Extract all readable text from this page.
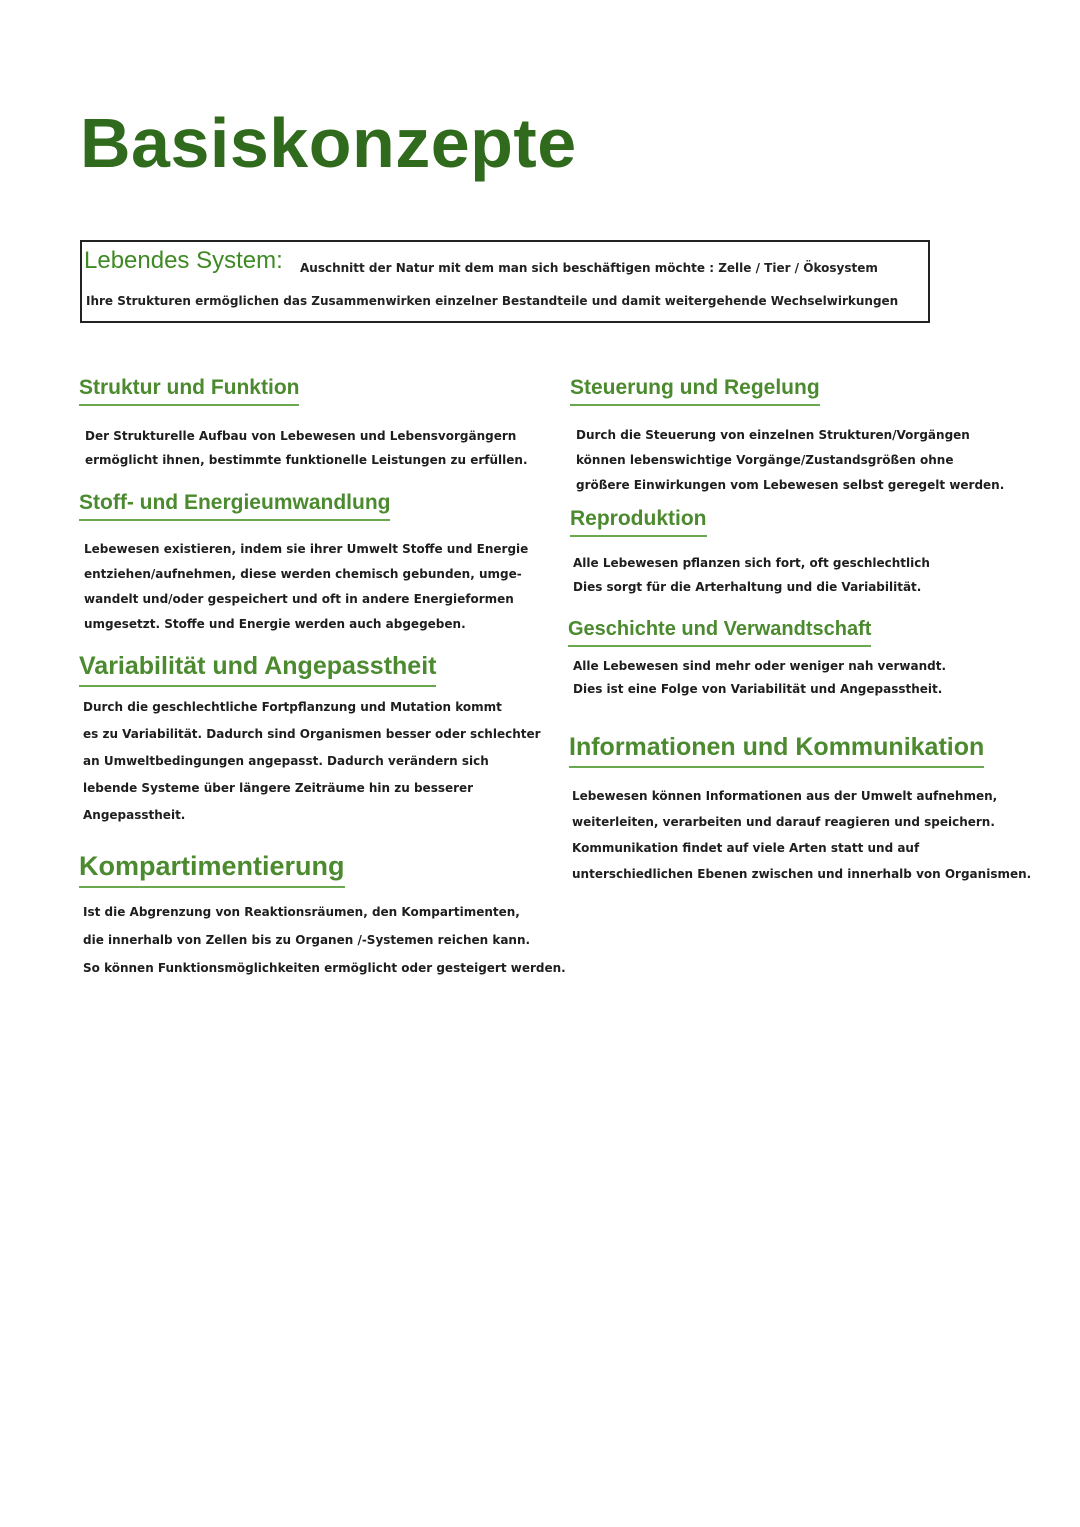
Basiskonzepte
Lebendes System: Auschnitt der Natur mit dem man sich beschäftigen möchte : Zelle / Tier / Ökosystem
Ihre Strukturen ermöglichen das Zusammenwirken einzelner Bestandteile und damit weitergehende Wechselwirkungen
Struktur und Funktion
Der Strukturelle Aufbau von Lebewesen und Lebensvorgängern
ermöglicht ihnen, bestimmte funktionelle Leistungen zu erfüllen.
Stoff- und Energieumwandlung
Lebewesen existieren, indem sie ihrer Umwelt Stoffe und Energie
entziehen/aufnehmen, diese werden chemisch gebunden, umge-
wandelt und/oder gespeichert und oft in andere Energieformen
umgesetzt. Stoffe und Energie werden auch abgegeben.
Variabilität und Angepasstheit
Durch die geschlechtliche Fortpflanzung und Mutation kommt
es zu Variabilität. Dadurch sind Organismen besser oder schlechter
an Umweltbedingungen angepasst. Dadurch verändern sich
lebende Systeme über längere Zeiträume hin zu besserer
Angepasstheit.
Kompartimentierung
Ist die Abgrenzung von Reaktionsräumen, den Kompartimenten,
die innerhalb von Zellen bis zu Organen /-Systemen reichen kann.
So können Funktionsmöglichkeiten ermöglicht oder gesteigert werden.
Steuerung und Regelung
Durch die Steuerung von einzelnen Strukturen/Vorgängen
können lebenswichtige Vorgänge/Zustandsgrößen ohne
größere Einwirkungen vom Lebewesen selbst geregelt werden.
Reproduktion
Alle Lebewesen pflanzen sich fort, oft geschlechtlich
Dies sorgt für die Arterhaltung und die Variabilität.
Geschichte und Verwandtschaft
Alle Lebewesen sind mehr oder weniger nah verwandt.
Dies ist eine Folge von Variabilität und Angepasstheit.
Informationen und Kommunikation
Lebewesen können Informationen aus der Umwelt aufnehmen,
weiterleiten, verarbeiten und darauf reagieren und speichern.
Kommunikation findet auf viele Arten statt und auf
unterschiedlichen Ebenen zwischen und innerhalb von Organismen.
